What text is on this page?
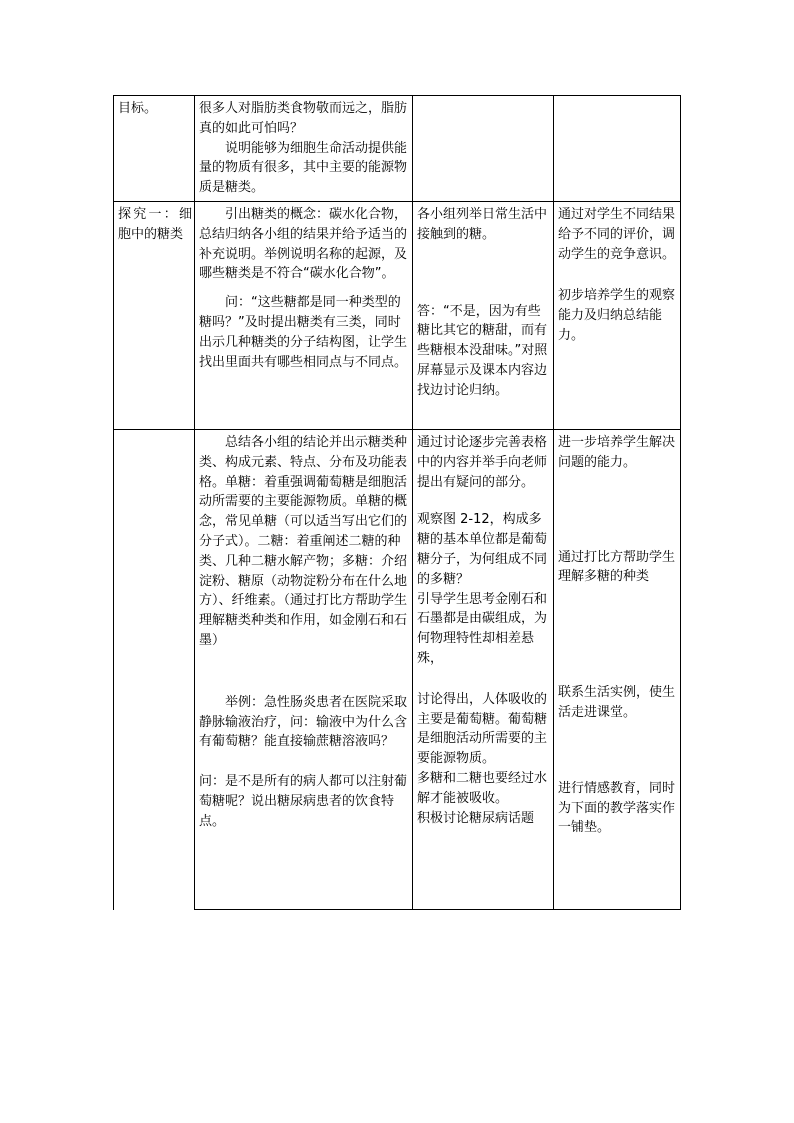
目标。	很多人对脂肪类食物敬而远之，脂肪真的如此可怕吗？

说明能够为细胞生命活动提供能量的物质有很多，其中主要的能源物质是糖类。

探究一：细胞中的糖类

引出糖类的概念：碳水化合物，总结归纳各小组的结果并给予适当的补充说明。举例说明名称的起源，及哪些糖类是不符合“碳水化合物”。

问：“这些糖都是同一种类型的糖吗？”及时提出糖类有三类，同时出示几种糖类的分子结构图，让学生找出里面共有哪些相同点与不同点。

各小组列举日常生活中接触到的糖。

答：“不是，因为有些糖比其它的糖甜，而有些糖根本没甜味。”对照屏幕显示及课本内容边找边讨论归纳。

通过对学生不同结果给予不同的评价，调动学生的竞争意识。

初步培养学生的观察能力及归纳总结能力。

总结各小组的结论并出示糖类种类、构成元素、特点、分布及功能表格。单糖：着重强调葡萄糖是细胞活动所需要的主要能源物质。单糖的概念，常见单糖（可以适当写出它们的分子式）。二糖：着重阐述二糖的种类、几种二糖水解产物；多糖：介绍淀粉、糖原（动物淀粉分布在什么地方）、纤维素。（通过打比方帮助学生理解糖类种类和作用，如金刚石和石墨）

举例：急性肠炎患者在医院采取静脉输液治疗，问：输液中为什么含有葡萄糖？能直接输蔗糖溶液吗？

问：是不是所有的病人都可以注射葡萄糖呢？说出糖尿病患者的饮食特点。

通过讨论逐步完善表格中的内容并举手向老师提出有疑问的部分。

观察图 2-12，构成多糖的基本单位都是葡萄糖分子，为何组成不同的多糖？

引导学生思考金刚石和石墨都是由碳组成，为何物理特性却相差悬殊，

讨论得出，人体吸收的主要是葡萄糖。葡萄糖是细胞活动所需要的主要能源物质。

多糖和二糖也要经过水解才能被吸收。

积极讨论糖尿病话题

进一步培养学生解决问题的能力。

通过打比方帮助学生理解多糖的种类

联系生活实例，使生活走进课堂。

进行情感教育，同时为下面的教学落实作一铺垫。
